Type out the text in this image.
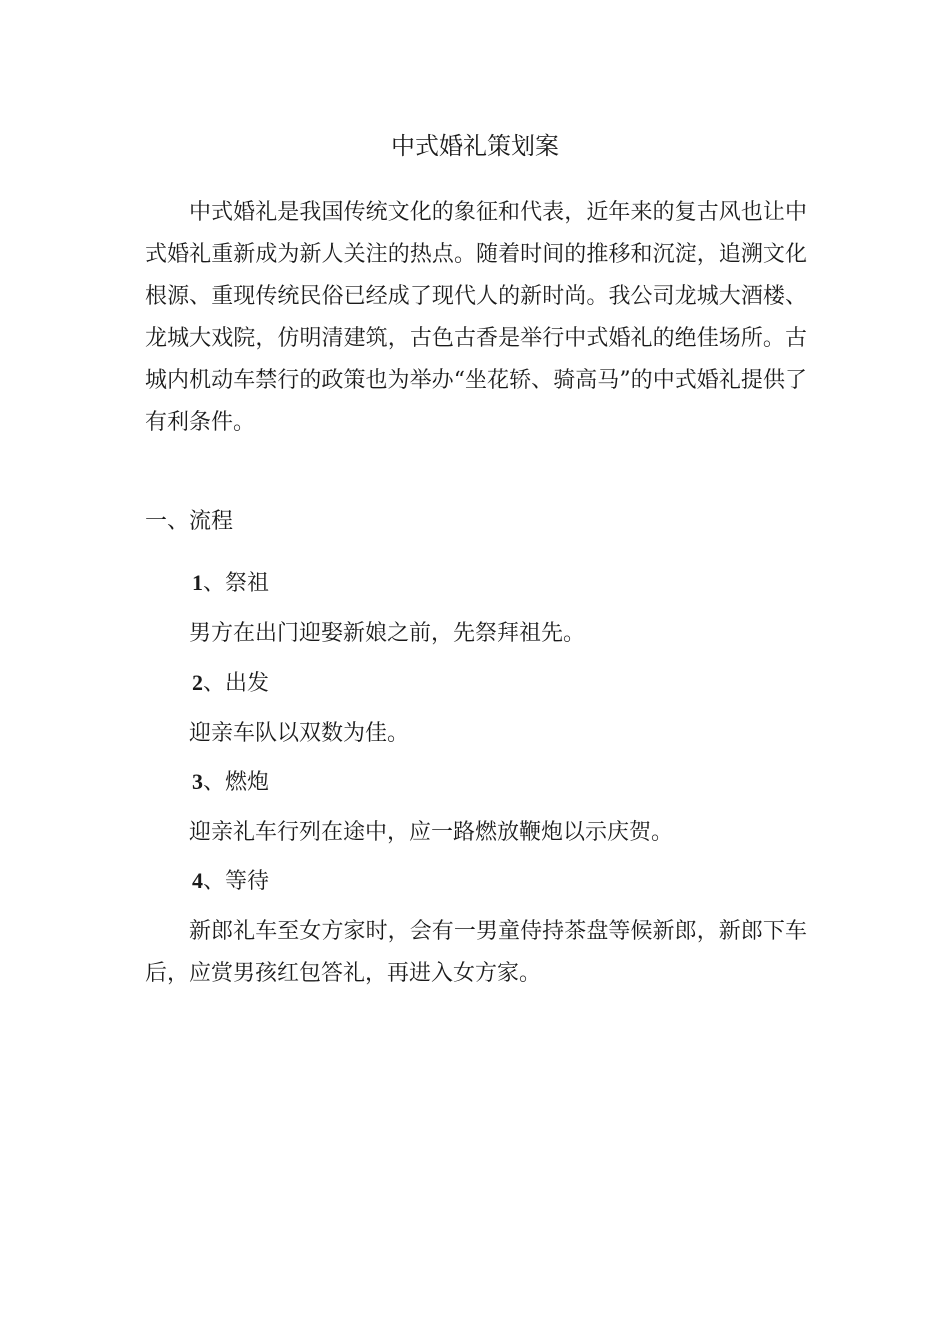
中式婚礼策划案

中式婚礼是我国传统文化的象征和代表，近年来的复古风也让中式婚礼重新成为新人关注的热点。随着时间的推移和沉淀，追溯文化根源、重现传统民俗已经成了现代人的新时尚。我公司龙城大酒楼、龙城大戏院，仿明清建筑，古色古香是举行中式婚礼的绝佳场所。古城内机动车禁行的政策也为举办“坐花轿、骑高马”的中式婚礼提供了有利条件。

一、流程
1、祭祖

男方在出门迎娶新娘之前，先祭拜祖先。

2、出发

迎亲车队以双数为佳。

3、燃炮

迎亲礼车行列在途中，应一路燃放鞭炮以示庆贺。

4、等待

新郎礼车至女方家时，会有一男童侍持茶盘等候新郎，新郎下车后，应赏男孩红包答礼，再进入女方家。
